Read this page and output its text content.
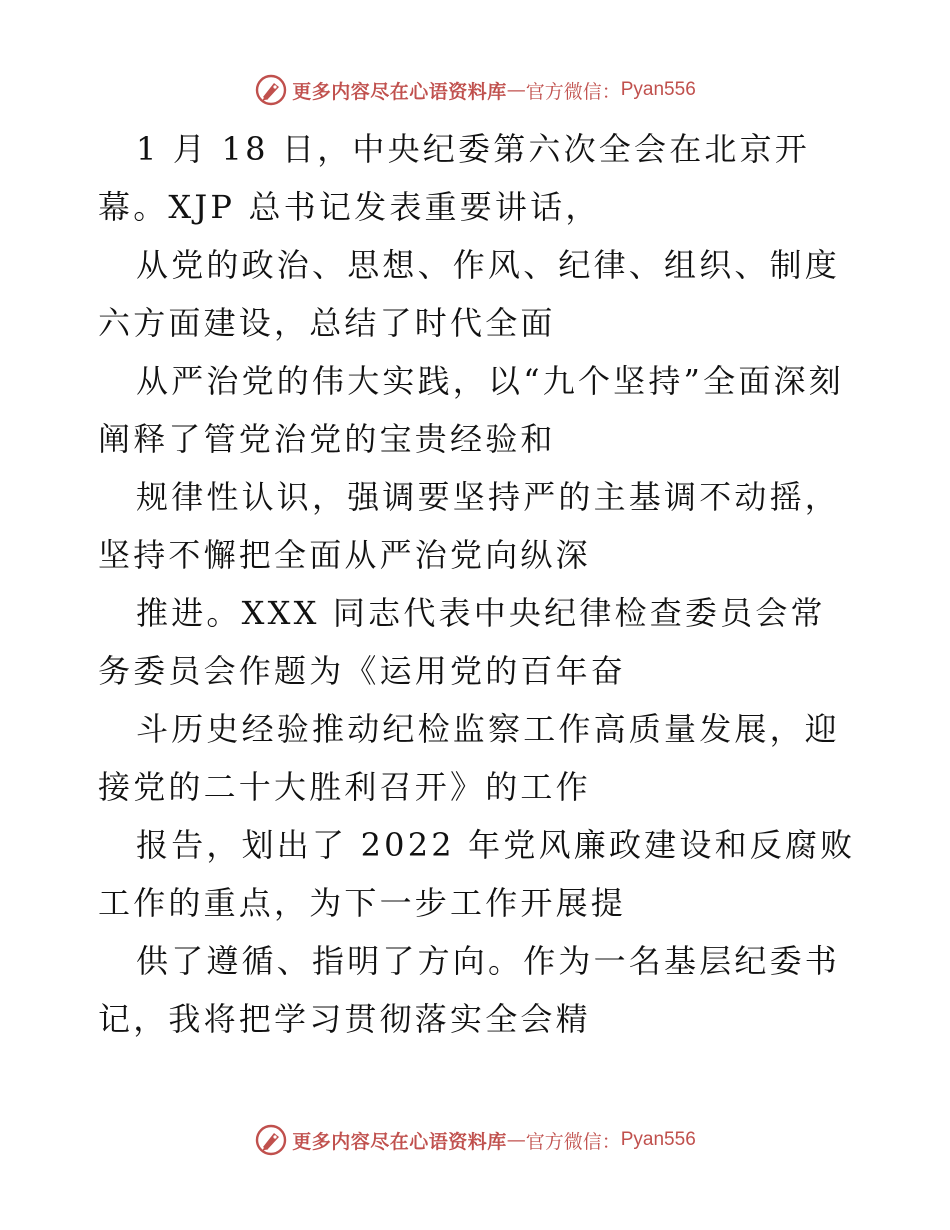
更多内容尽在心语资料库 — 官方微信： Pyan556

1 月 18 日，中央纪委第六次全会在北京开幕。XJP 总书记发表重要讲话，

从党的政治、思想、作风、纪律、组织、制度六方面建设，总结了时代全面

从严治党的伟大实践，以“九个坚持”全面深刻阐释了管党治党的宝贵经验和

规律性认识，强调要坚持严的主基调不动摇，坚持不懈把全面从严治党向纵深

推进。XXX 同志代表中央纪律检查委员会常务委员会作题为《运用党的百年奋

斗历史经验推动纪检监察工作高质量发展，迎接党的二十大胜利召开》的工作

报告，划出了 2022 年党风廉政建设和反腐败工作的重点，为下一步工作开展提

供了遵循、指明了方向。作为一名基层纪委书记，我将把学习贯彻落实全会精

更多内容尽在心语资料库 — 官方微信： Pyan556
